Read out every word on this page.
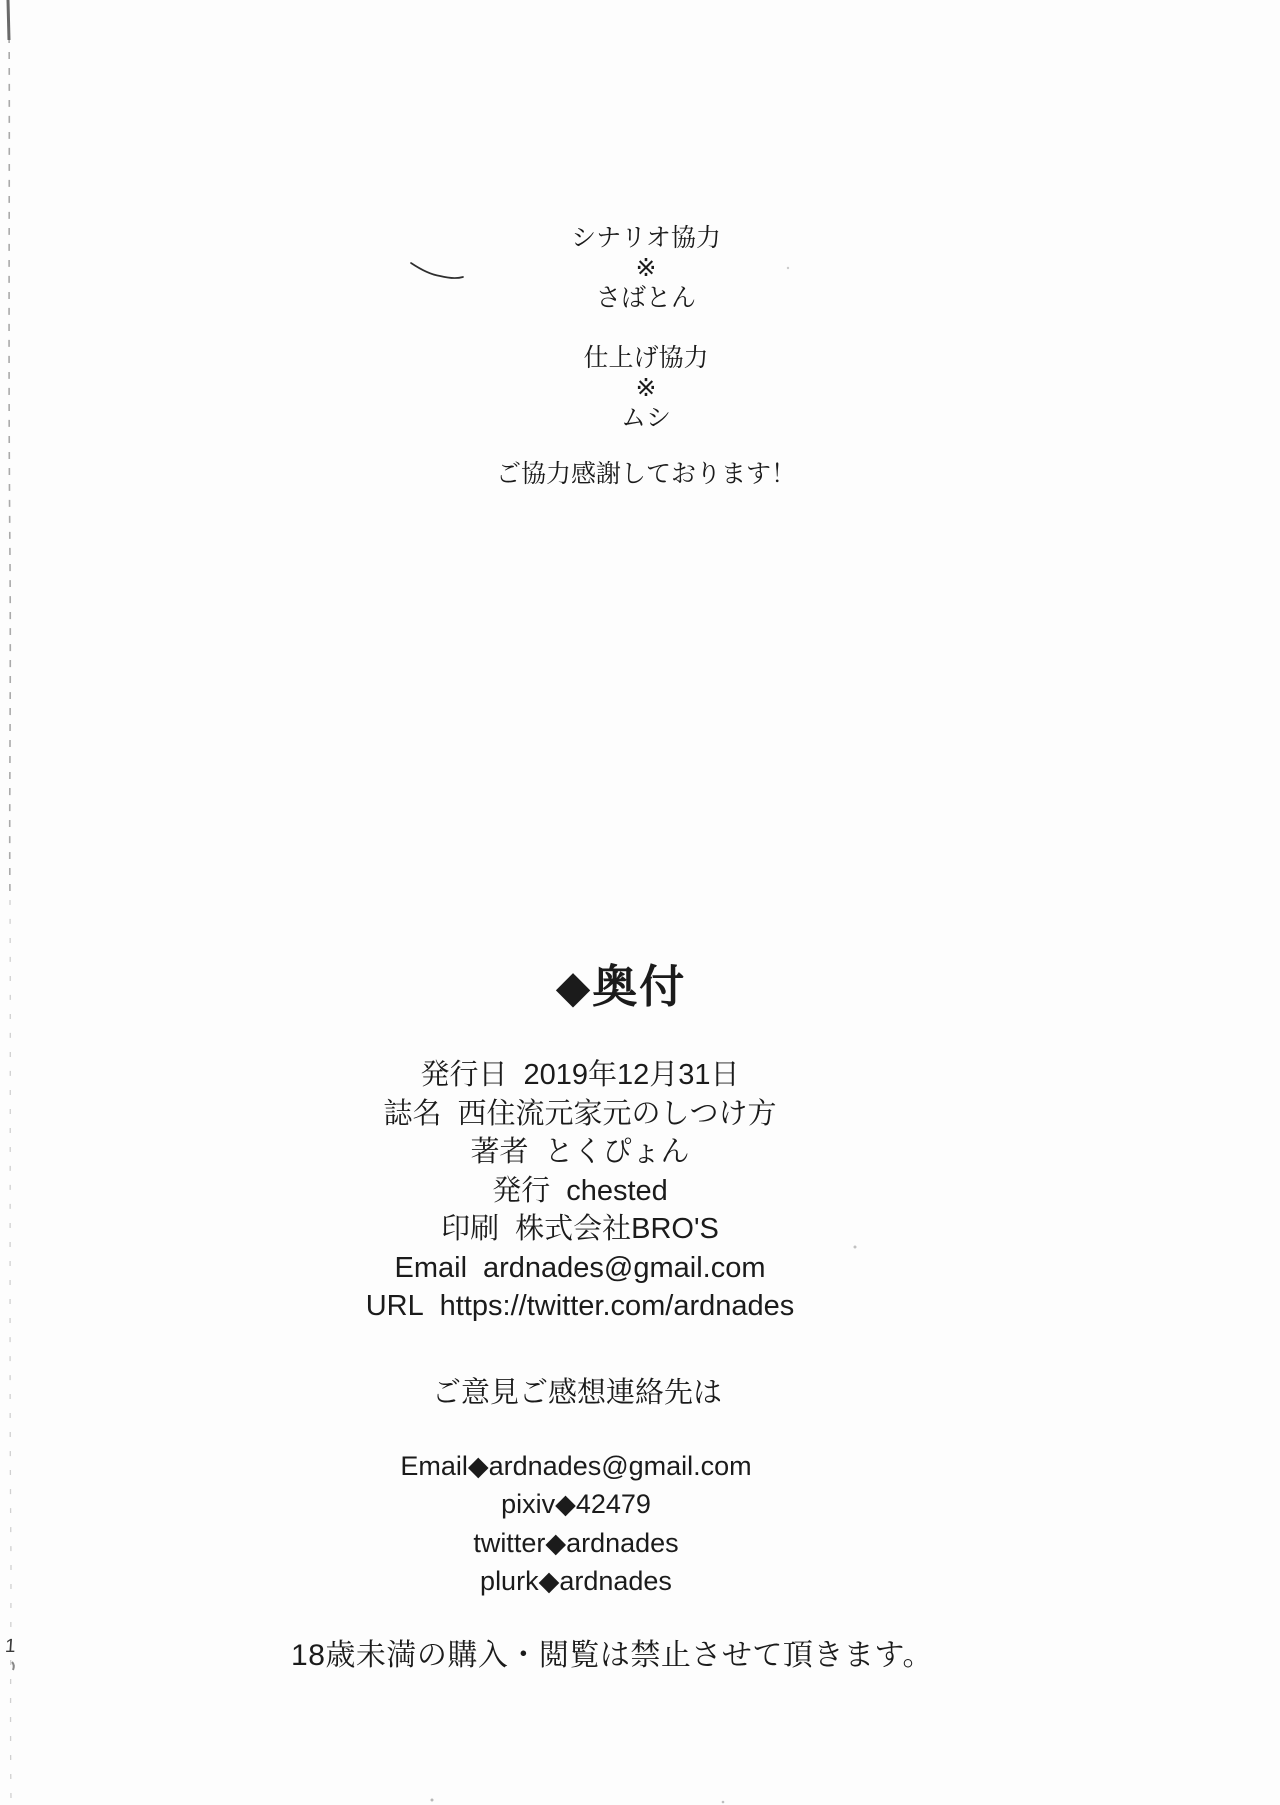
1
シナリオ協力
※
さばとん
仕上げ協力
※
ムシ
ご協力感謝しております！
◆奥付
発行日 2019年12月31日
誌名 西住流元家元のしつけ方
著者 とくぴょん
発行 chested
印刷 株式会社BRO'S
Email ardnades@gmail.com
URL https://twitter.com/ardnades
ご意見ご感想連絡先は
Email◆ardnades@gmail.com
pixiv◆42479
twitter◆ardnades
plurk◆ardnades
18歳未満の購入・閲覧は禁止させて頂きます。
